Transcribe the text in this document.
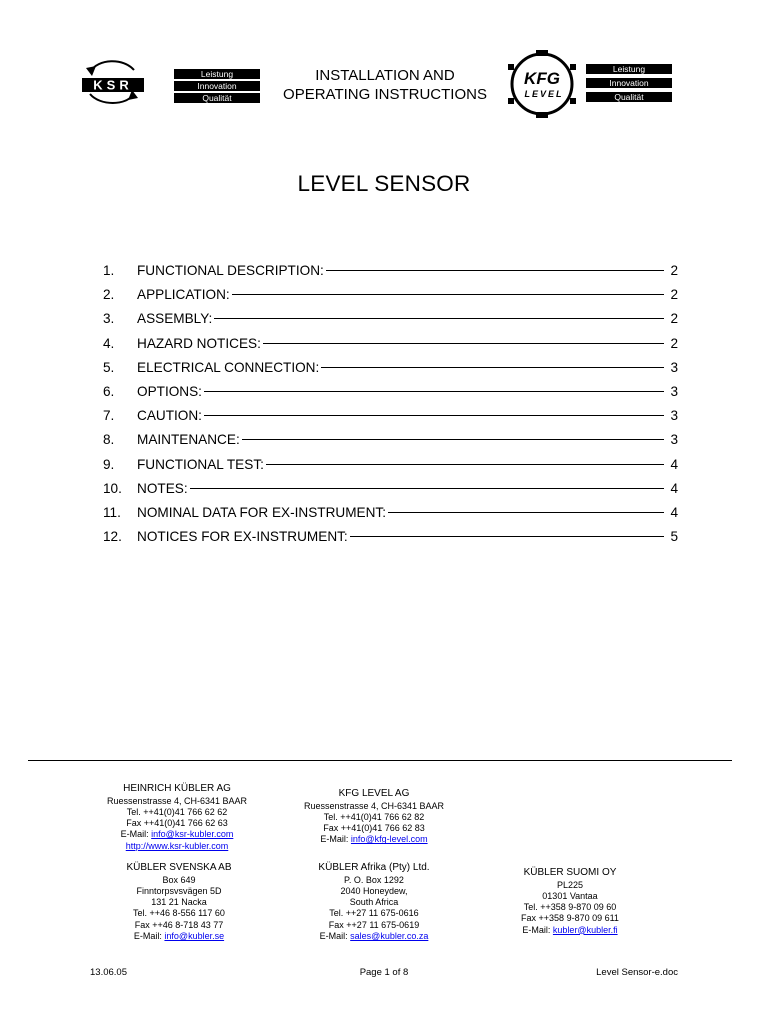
KSR
Leistung
Innovation
Qualität
INSTALLATION AND
OPERATING INSTRUCTIONS
KFG
LEVEL
Leistung
Innovation
Qualität
LEVEL SENSOR
1.	FUNCTIONAL DESCRIPTION:	2
2.	APPLICATION:	2
3.	ASSEMBLY:	2
4.	HAZARD NOTICES:	2
5.	ELECTRICAL CONNECTION:	3
6.	OPTIONS:	3
7.	CAUTION:	3
8.	MAINTENANCE:	3
9.	FUNCTIONAL TEST:	4
10.	NOTES:	4
11.	NOMINAL DATA FOR EX-INSTRUMENT:	4
12.	NOTICES FOR EX-INSTRUMENT:	5
HEINRICH KÜBLER AG
Ruessenstrasse 4, CH-6341 BAAR
Tel. ++41(0)41 766 62 62
Fax ++41(0)41 766 62 63
E-Mail: info@ksr-kubler.com
http://www.ksr-kubler.com
KFG LEVEL AG
Ruessenstrasse 4, CH-6341 BAAR
Tel. ++41(0)41 766 62 82
Fax ++41(0)41 766 62 83
E-Mail: info@kfg-level.com
KÜBLER SVENSKA AB
Box 649
Finntorpsvsvägen 5D
131 21 Nacka
Tel. ++46 8-556 117 60
Fax ++46 8-718 43 77
E-Mail: info@kubler.se
KÜBLER Afrika (Pty) Ltd.
P. O. Box 1292
2040 Honeydew,
South Africa
Tel. ++27 11 675-0616
Fax ++27 11 675-0619
E-Mail: sales@kubler.co.za
KÜBLER SUOMI OY
PL225
01301 Vantaa
Tel. ++358 9-870 09 60
Fax ++358 9-870 09 611
E-Mail: kubler@kubler.fi
13.06.05	Page 1 of 8	Level Sensor-e.doc
